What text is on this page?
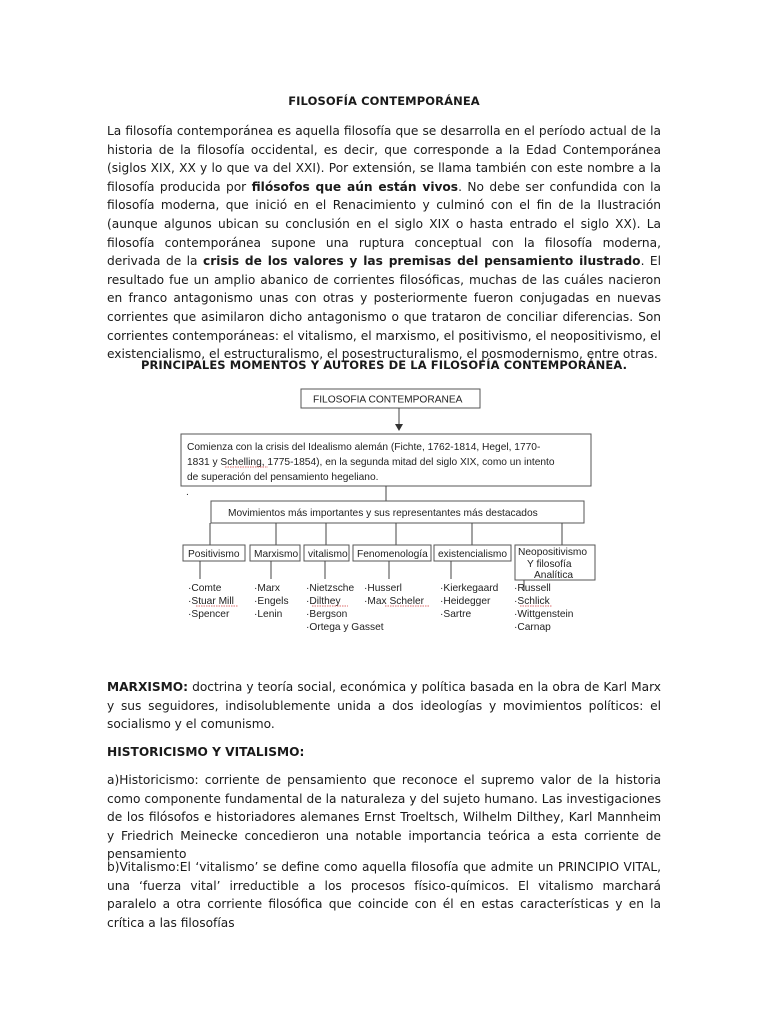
FILOSOFÍA CONTEMPORÁNEA
La filosofía contemporánea es aquella filosofía que se desarrolla en el período actual de la historia de la filosofía occidental, es decir, que corresponde a la Edad Contemporánea (siglos XIX, XX y lo que va del XXI). Por extensión, se llama también con este nombre a la filosofía producida por filósofos que aún están vivos. No debe ser confundida con la filosofía moderna, que inició en el Renacimiento y culminó con el fin de la Ilustración (aunque algunos ubican su conclusión en el siglo XIX o hasta entrado el siglo XX). La filosofía contemporánea supone una ruptura conceptual con la filosofía moderna, derivada de la crisis de los valores y las premisas del pensamiento ilustrado. El resultado fue un amplio abanico de corrientes filosóficas, muchas de las cuáles nacieron en franco antagonismo unas con otras y posteriormente fueron conjugadas en nuevas corrientes que asimilaron dicho antagonismo o que trataron de conciliar diferencias. Son corrientes contemporáneas: el vitalismo, el marxismo, el positivismo, el neopositivismo, el existencialismo, el estructuralismo, el posestructuralismo, el posmodernismo, entre otras.
PRINCIPALES MOMENTOS Y AUTORES DE LA FILOSOFÍA CONTEMPORÁNEA.
FILOSOFIA CONTEMPORANEA
Comienza con la crisis del Idealismo alemán (Fichte, 1762-1814, Hegel, 1770-
1831 y Schelling, 1775-1854), en la segunda mitad del siglo XIX, como un intento
de superación del pensamiento hegeliano.
.
Movimientos más importantes y sus representantes más destacados
Positivismo Marxismo vitalismo Fenomenología existencialismo Neopositivismo
Y filosofía
Analítica
·Comte
·Stuar Mill
·Spencer
·Marx
·Engels
·Lenin
·Nietzsche
·Dilthey
·Bergson
·Ortega y Gasset
·Husserl
·Max Scheler
·Kierkegaard
·Heidegger
·Sartre
·Russell
·Schlick
·Wittgenstein
·Carnap
MARXISMO: doctrina y teoría social, económica y política basada en la obra de Karl Marx y sus seguidores, indisolublemente unida a dos ideologías y movimientos políticos: el socialismo y el comunismo.
HISTORICISMO Y VITALISMO:
a)Historicismo: corriente de pensamiento que reconoce el supremo valor de la historia como componente fundamental de la naturaleza y del sujeto humano. Las investigaciones de los filósofos e historiadores alemanes Ernst Troeltsch, Wilhelm Dilthey, Karl Mannheim y Friedrich Meinecke concedieron una notable importancia teórica a esta corriente de pensamiento
b)Vitalismo:El ‘vitalismo’ se define como aquella filosofía que admite un PRINCIPIO VITAL, una ‘fuerza vital’ irreductible a los procesos físico-químicos. El vitalismo marchará paralelo a otra corriente filosófica que coincide con él en estas características y en la crítica a las filosofías
